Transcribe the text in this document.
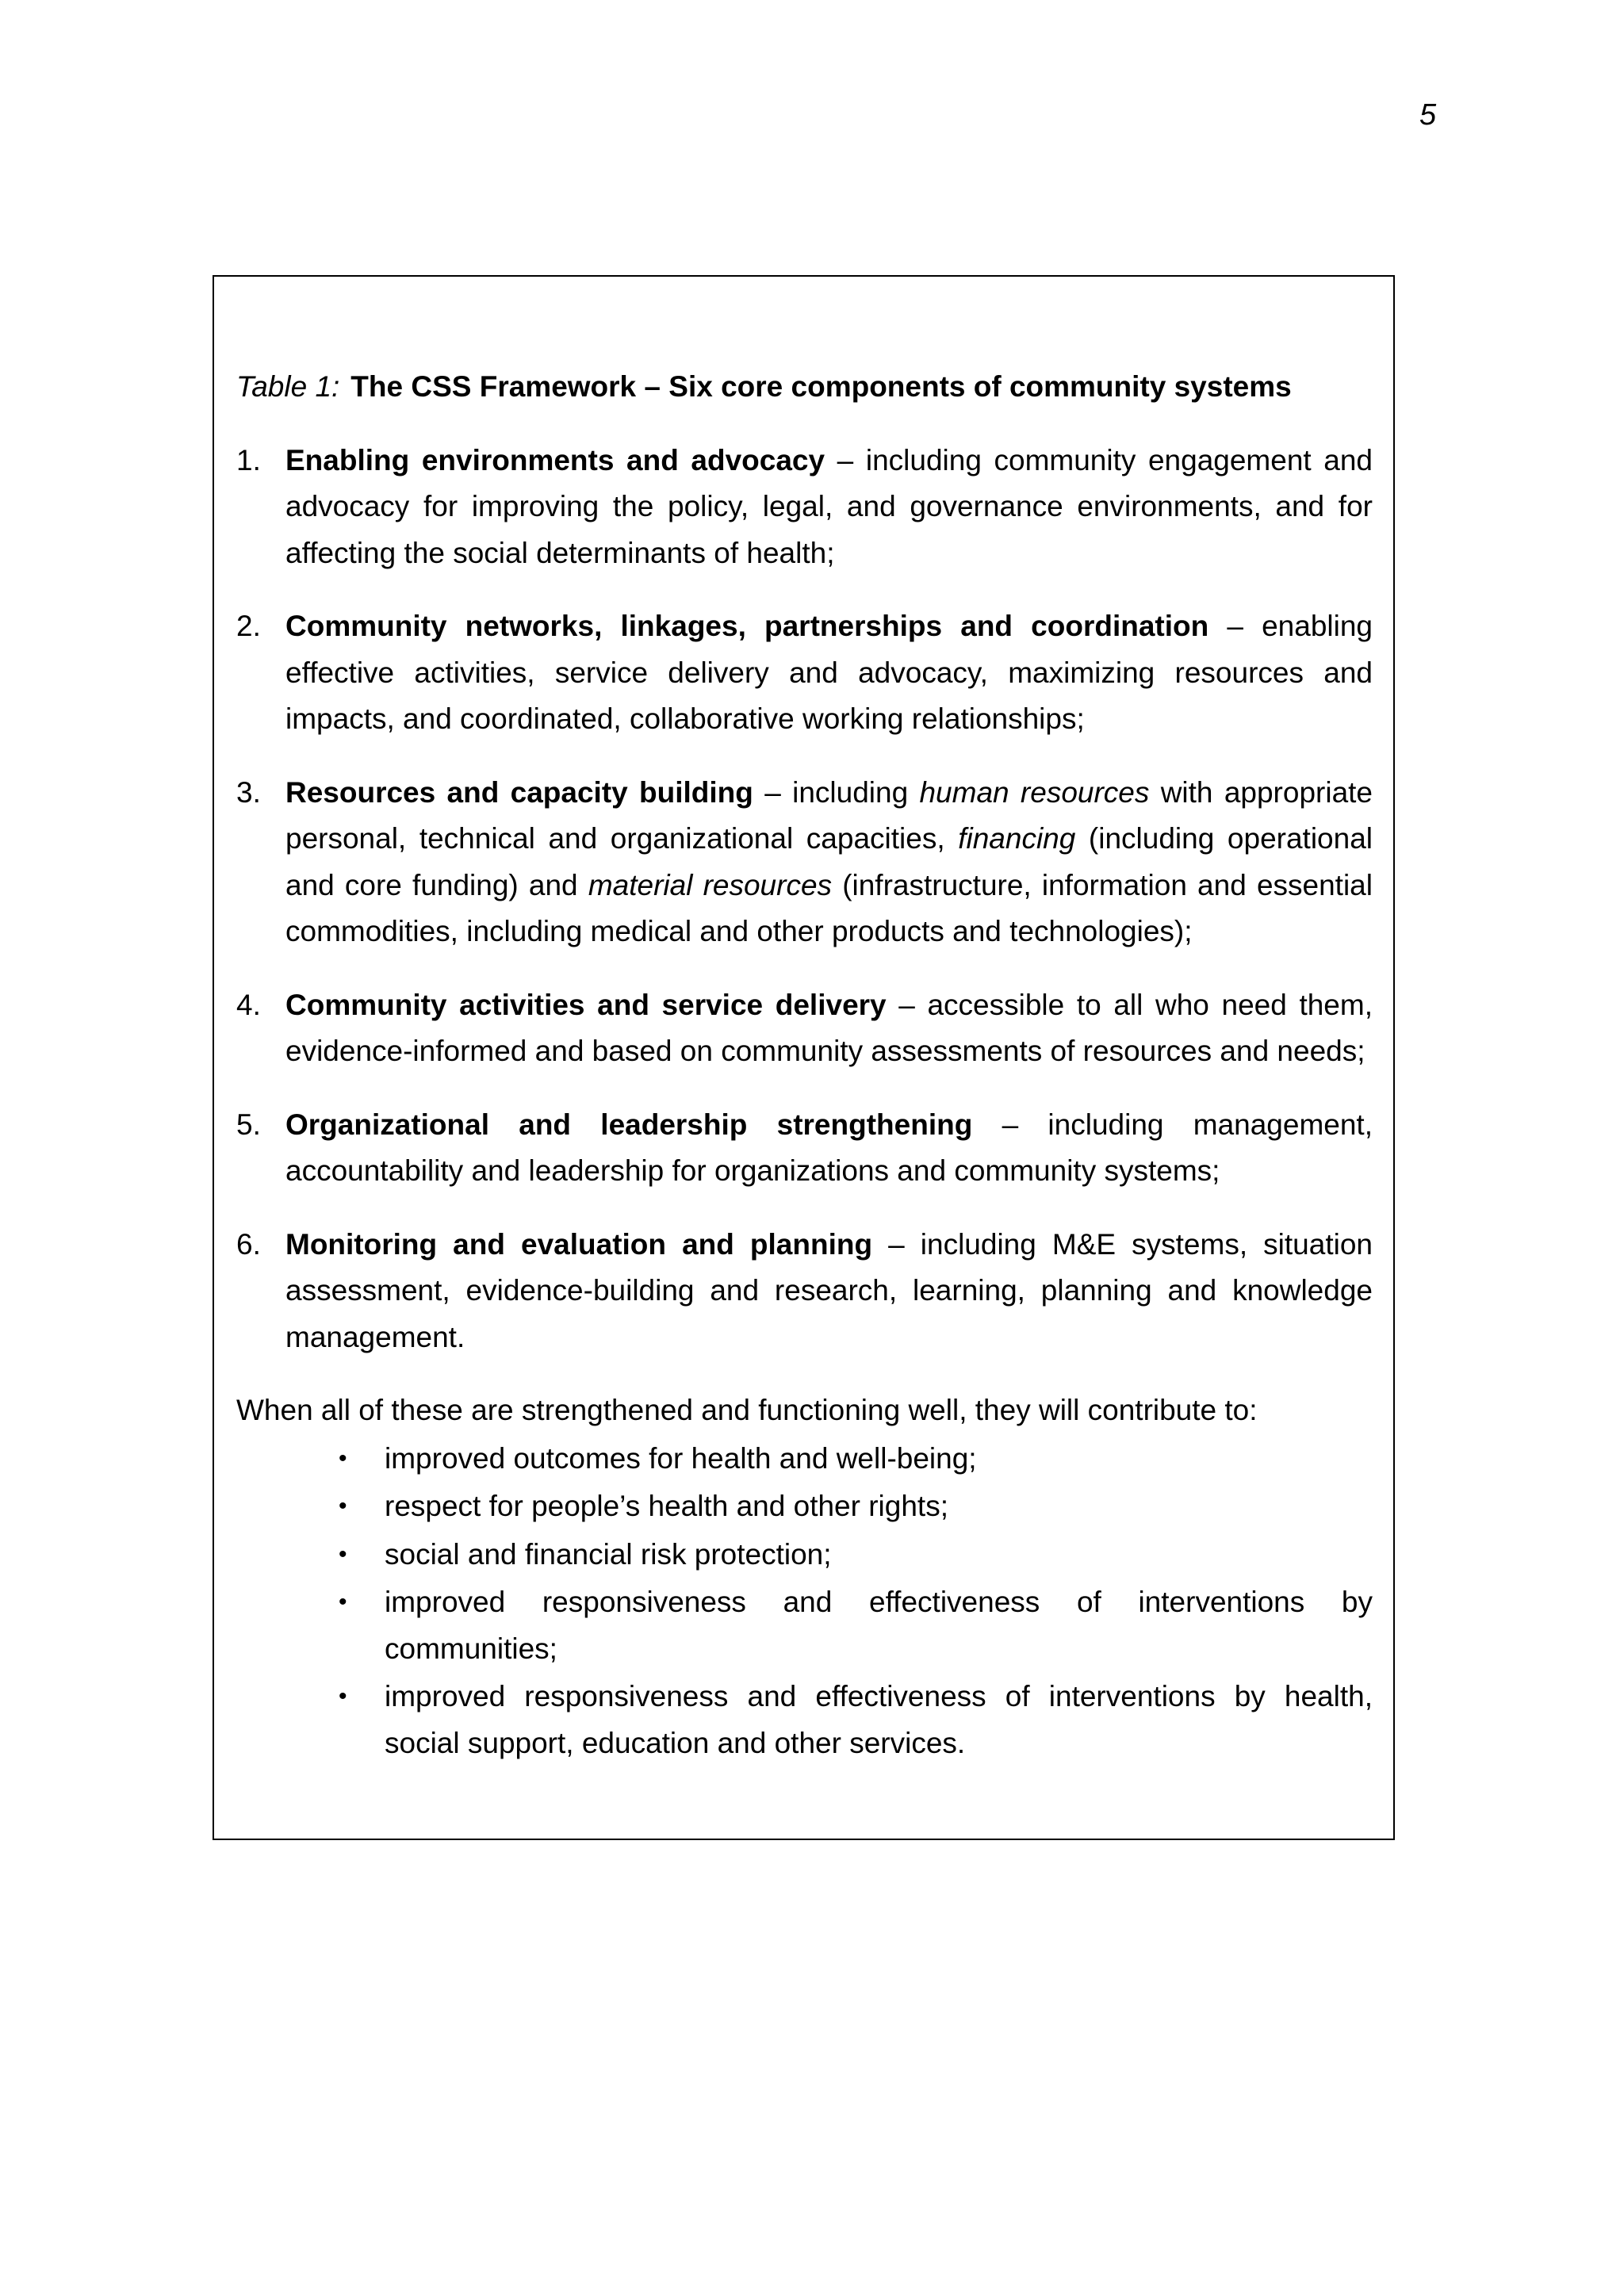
5

Table 1: The CSS Framework – Six core components of community systems

1. Enabling environments and advocacy – including community engagement and advocacy for improving the policy, legal, and governance environments, and for affecting the social determinants of health;
2. Community networks, linkages, partnerships and coordination – enabling effective activities, service delivery and advocacy, maximizing resources and impacts, and coordinated, collaborative working relationships;
3. Resources and capacity building – including human resources with appropriate personal, technical and organizational capacities, financing (including operational and core funding) and material resources (infrastructure, information and essential commodities, including medical and other products and technologies);
4. Community activities and service delivery – accessible to all who need them, evidence-informed and based on community assessments of resources and needs;
5. Organizational and leadership strengthening – including management, accountability and leadership for organizations and community systems;
6. Monitoring and evaluation and planning – including M&E systems, situation assessment, evidence-building and research, learning, planning and knowledge management.

When all of these are strengthened and functioning well, they will contribute to:

• improved outcomes for health and well-being;
• respect for people’s health and other rights;
• social and financial risk protection;
• improved responsiveness and effectiveness of interventions by communities;
• improved responsiveness and effectiveness of interventions by health, social support, education and other services.
